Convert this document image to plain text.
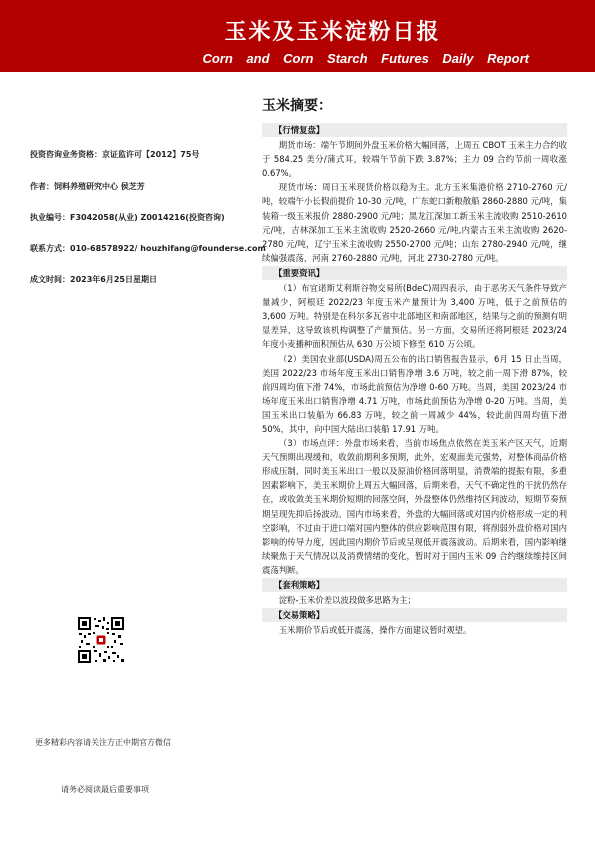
玉米及玉米淀粉日报
Corn and Corn Starch Futures Daily Report
玉米摘要：
投资咨询业务资格：京证监许可【2012】75号
作者：饲料养殖研究中心 侯芝芳
执业编号：F3042058(从业) Z0014216(投资咨询)
联系方式：010-68578922/ houzhifang@founderse.com
成文时间：2023年6月25日星期日
更多精彩内容请关注方正中期官方微信
请务必阅读最后重要事项
【行情复盘】
期货市场：端午节期间外盘玉米价格大幅回落，上周五 CBOT 玉米主力合约收于 584.25 美分/蒲式耳，较端午节前下跌 3.87%；主力 09 合约节前一周收涨 0.67%。
现货市场：周日玉米现货价格以稳为主。北方玉米集港价格 2710-2760 元/吨，较端午小长假前提价 10-30 元/吨，广东蛇口新粮散船 2860-2880 元/吨，集装箱一级玉米报价 2880-2900 元/吨；黑龙江深加工新玉米主流收购 2510-2610 元/吨，吉林深加工玉米主流收购 2520-2660 元/吨,内蒙古玉米主流收购 2620-2780 元/吨，辽宁玉米主流收购 2550-2700 元/吨；山东 2780-2940 元/吨，继续偏强震荡，河南 2760-2880 元/吨，河北 2730-2780 元/吨。
【重要资讯】
（1）布宜诺斯艾利斯谷物交易所(BdeC)周四表示，由于恶劣天气条件导致产量减少，阿根廷 2022/23 年度玉米产量预计为 3,400 万吨，低于之前预估的 3,600 万吨。特别是在科尔多瓦省中北部地区和南部地区，结果与之前的预测有明显差异，这导致该机构调整了产量预估。另一方面，交易所还将阿根廷 2023/24 年度小麦播种面积预估从 630 万公顷下修至 610 万公顷。
（2）美国农业部(USDA)周五公布的出口销售报告显示，6月 15 日止当周，美国 2022/23 市场年度玉米出口销售净增 3.6 万吨，较之前一周下滑 87%，较前四周均值下滑 74%，市场此前预估为净增 0-60 万吨。当周，美国 2023/24 市场年度玉米出口销售净增 4.71 万吨，市场此前预估为净增 0-20 万吨。当周，美国玉米出口装船为 66.83 万吨，较之前一周减少 44%，较此前四周均值下滑 50%，其中，向中国大陆出口装船 17.91 万吨。
（3）市场点评：外盘市场来看，当前市场焦点依然在美玉米产区天气，近期天气预期出现缓和，收敛前期利多预期，此外，宏观面美元强势，对整体商品价格形成压制，同时美玉米出口一般以及原油价格回落明显，消费端的提振有限，多重因素影响下，美玉米期价上周五大幅回落，后期来看，天气不确定性的干扰仍然存在，或收敛美玉米期价短期的回落空间，外盘整体仍然维持区间波动，短期节奏预期呈现先抑后扬波动。国内市场来看，外盘的大幅回落或对国内价格形成一定的利空影响，不过由于进口端对国内整体的供应影响范围有限，将削弱外盘价格对国内影响的传导力度，因此国内期价节后或呈现低开震荡波动。后期来看，国内影响继续聚焦于天气情况以及消费情绪的变化，暂时对于国内玉米 09 合约继续维持区间震荡判断。
【套利策略】
淀粉-玉米价差以波段做多思路为主；
【交易策略】
玉米期价节后或低开震荡，操作方面建议暂时观望。
